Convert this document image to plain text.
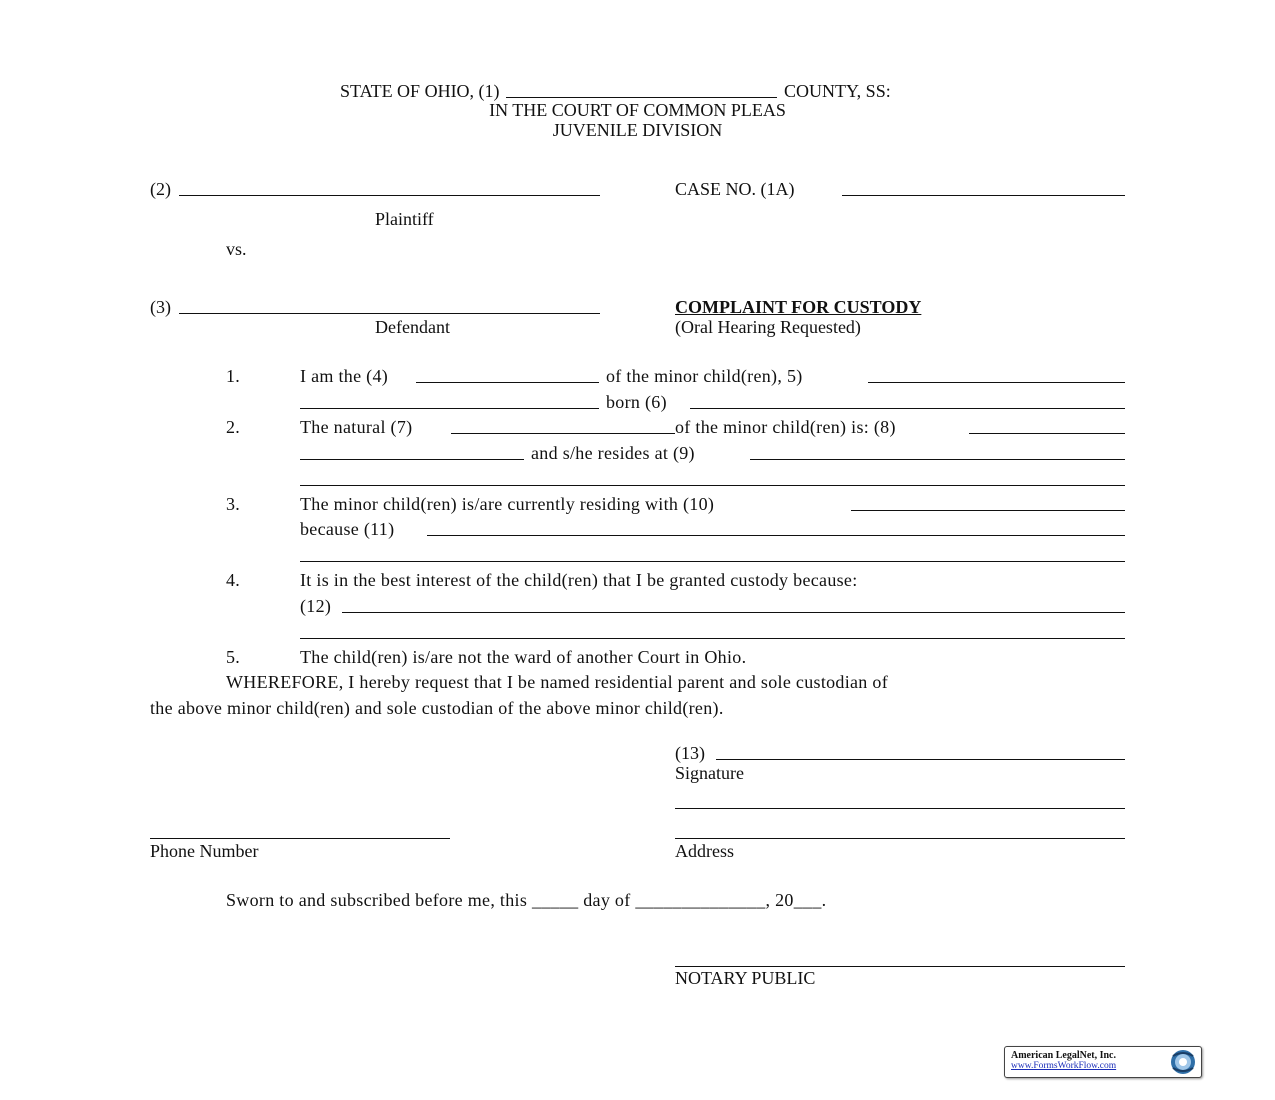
STATE OF OHIO, (1)	COUNTY, SS:
IN THE COURT OF COMMON PLEAS
JUVENILE DIVISION
(2)
Plaintiff
vs.
CASE NO. (1A)
(3)
Defendant
COMPLAINT FOR CUSTODY
(Oral Hearing Requested)
1.	I am the (4)	of the minor child(ren), 5)
born (6)
2.	The natural (7)	of the minor child(ren) is: (8)
and s/he resides at (9)
3.	The minor child(ren) is/are currently residing with (10)
because (11)
4.	It is in the best interest of the child(ren) that I be granted custody because:
(12)
5.	The child(ren) is/are not the ward of another Court in Ohio.
WHEREFORE, I hereby request that I be named residential parent and sole custodian of
the above minor child(ren) and sole custodian of the above minor child(ren).
(13)
Signature
Address
Phone Number
Sworn to and subscribed before me, this _____ day of ______________, 20___.
NOTARY PUBLIC
American LegalNet, Inc.
www.FormsWorkFlow.com
